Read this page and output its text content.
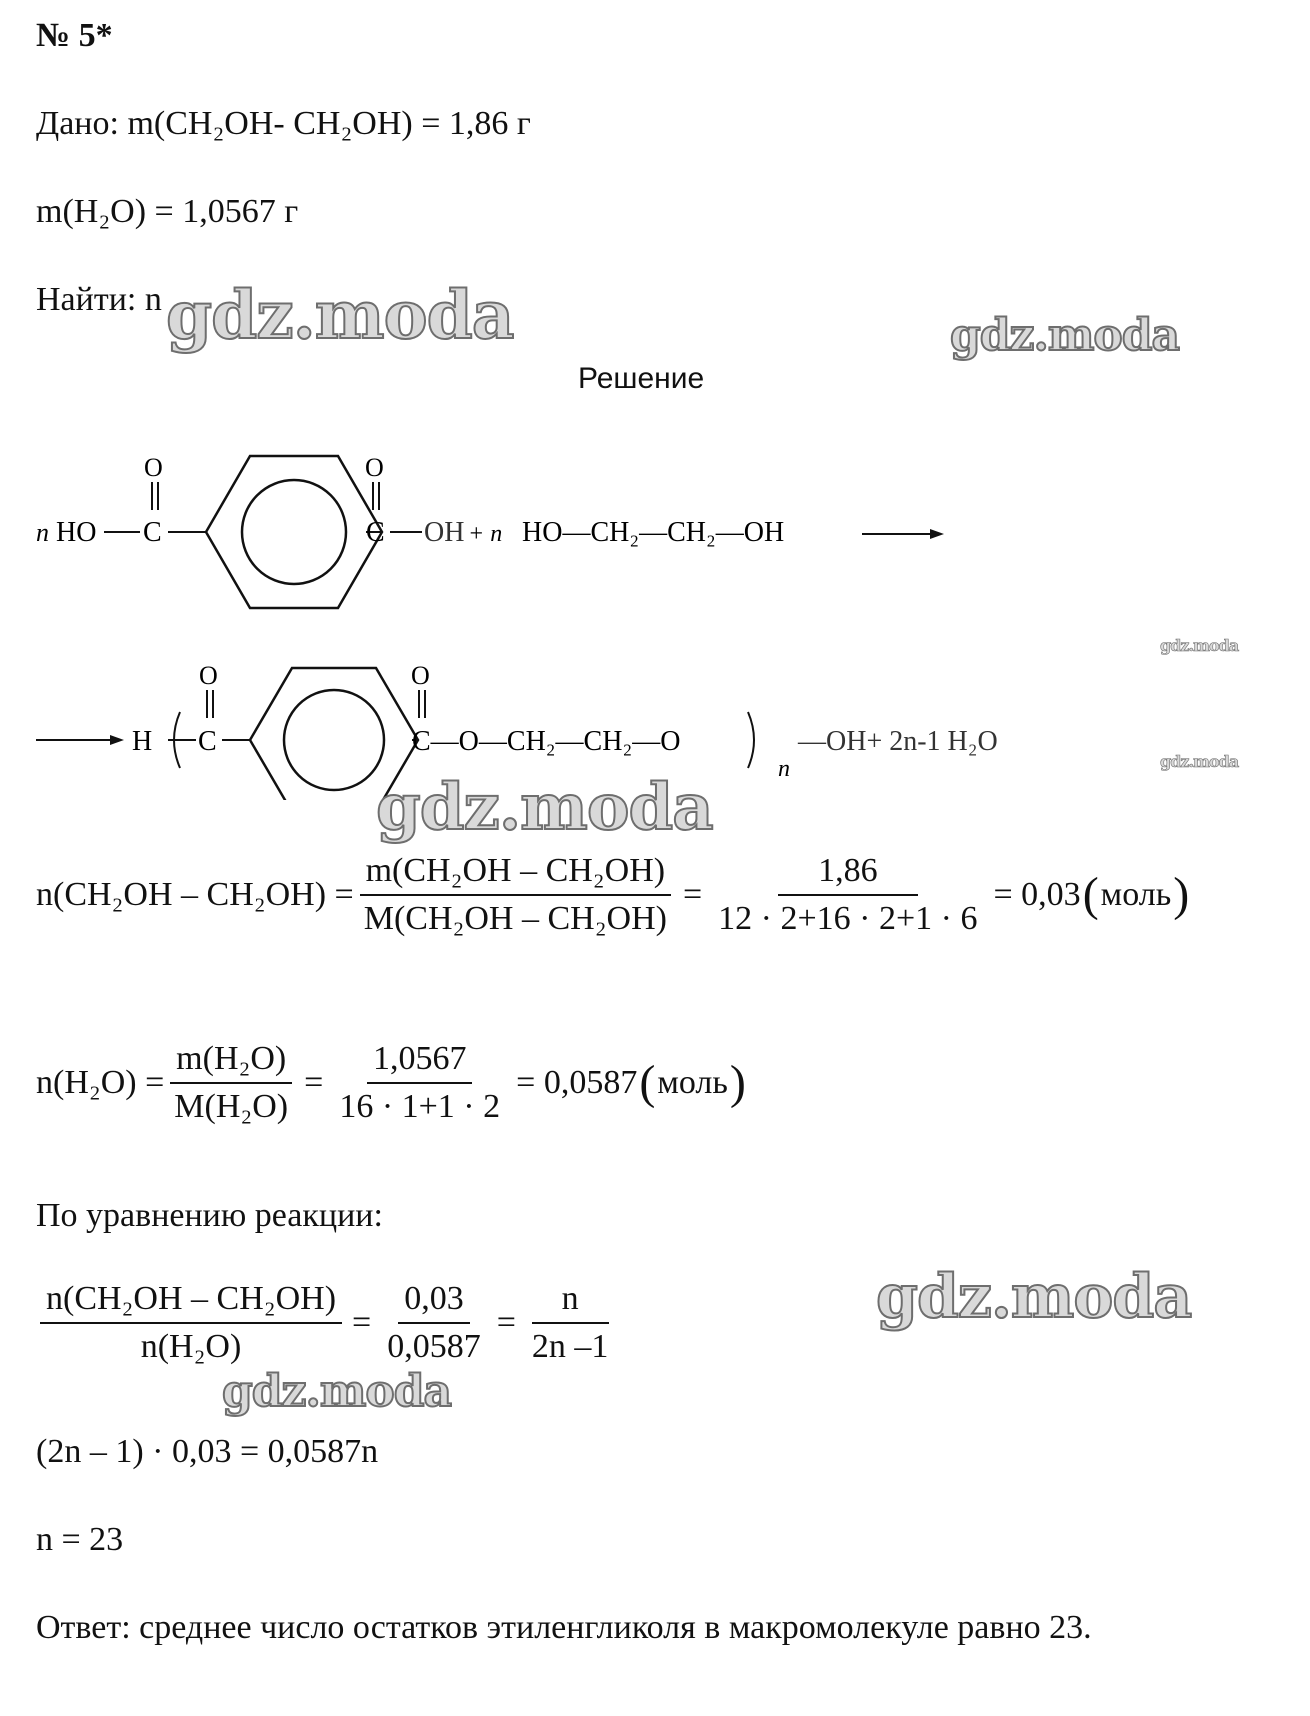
№ 5*
Дано: m(CH₂OH- CH₂OH) = 1,86 г
m(H₂O) = 1,0567 г
Найти: n
Решение
n HO C
O
C
O
OH + n HO—CH₂—CH₂—OH
H C
O
C—O—CH₂—CH₂—O
O
n
—OH+ 2n-1 H₂O
$n(CH_2OH - CH_2OH) = \frac{\text{m(CH₂OH – CH₂OH)}}{\text{M(CH₂OH – CH₂OH)}} = \frac{1,86}{12 \cdot 2+16 \cdot 2+1 \cdot 6} = 0,03$ ( моль )
$n(H_2O) = \frac{\text{m(H₂O)}}{\text{M(H₂O)}} = \frac{1,0567}{16 \cdot 1+1 \cdot 2} = 0,0587$ ( моль )
По уравнению реакции:
$\frac{\text{n(CH₂OH – CH₂OH)}}{\text{n(H₂O)}} = \frac{0,03}{0,0587} = \frac{n}{2n -1}$
(2n – 1) · 0,03 = 0,0587n
n = 23
Ответ: среднее число остатков этиленгликоля в макромолекуле равно 23.
gdz.moda	gdz.moda
gdz.moda
gdz.moda
gdz.moda
gdz.moda
gdz.moda
